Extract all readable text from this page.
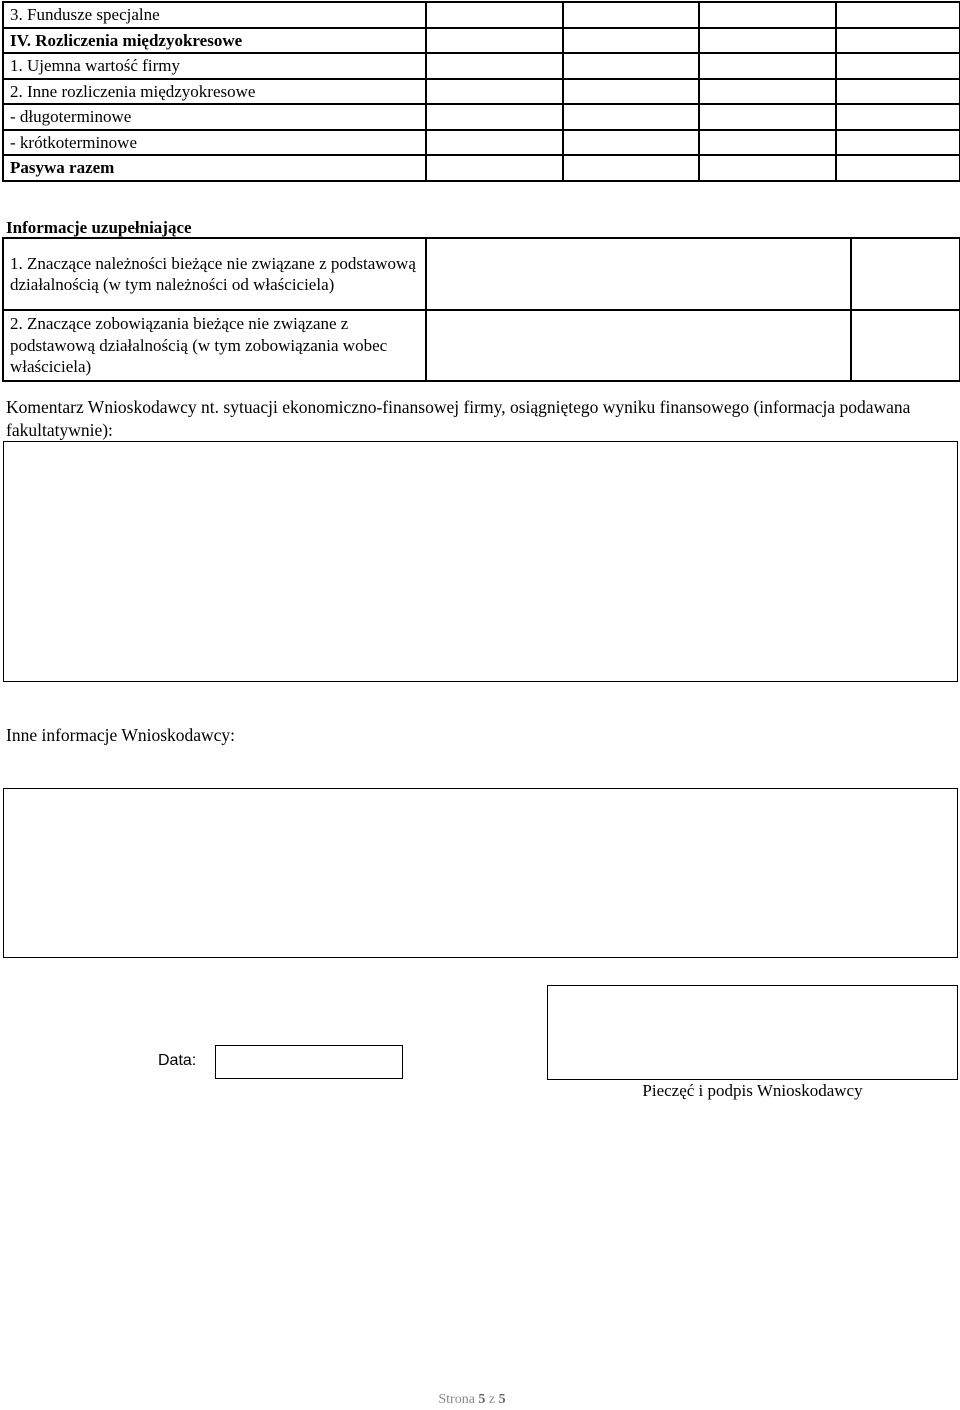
3. Fundusze specjalne				
IV. Rozliczenia międzyokresowe				
1. Ujemna wartość firmy				
2. Inne rozliczenia międzyokresowe				
- długoterminowe				
- krótkoterminowe				
Pasywa razem				
Informacje uzupełniające
1. Znaczące należności bieżące nie związane z podstawową działalnością (w tym należności od właściciela)		
2. Znaczące zobowiązania bieżące nie związane z podstawową działalnością (w tym zobowiązania wobec właściciela)		
Komentarz Wnioskodawcy nt. sytuacji ekonomiczno-finansowej firmy, osiągniętego wyniku finansowego (informacja podawana fakultatywnie):
Inne informacje Wnioskodawcy:
Data:
Pieczęć i podpis Wnioskodawcy
Strona 5 z 5
